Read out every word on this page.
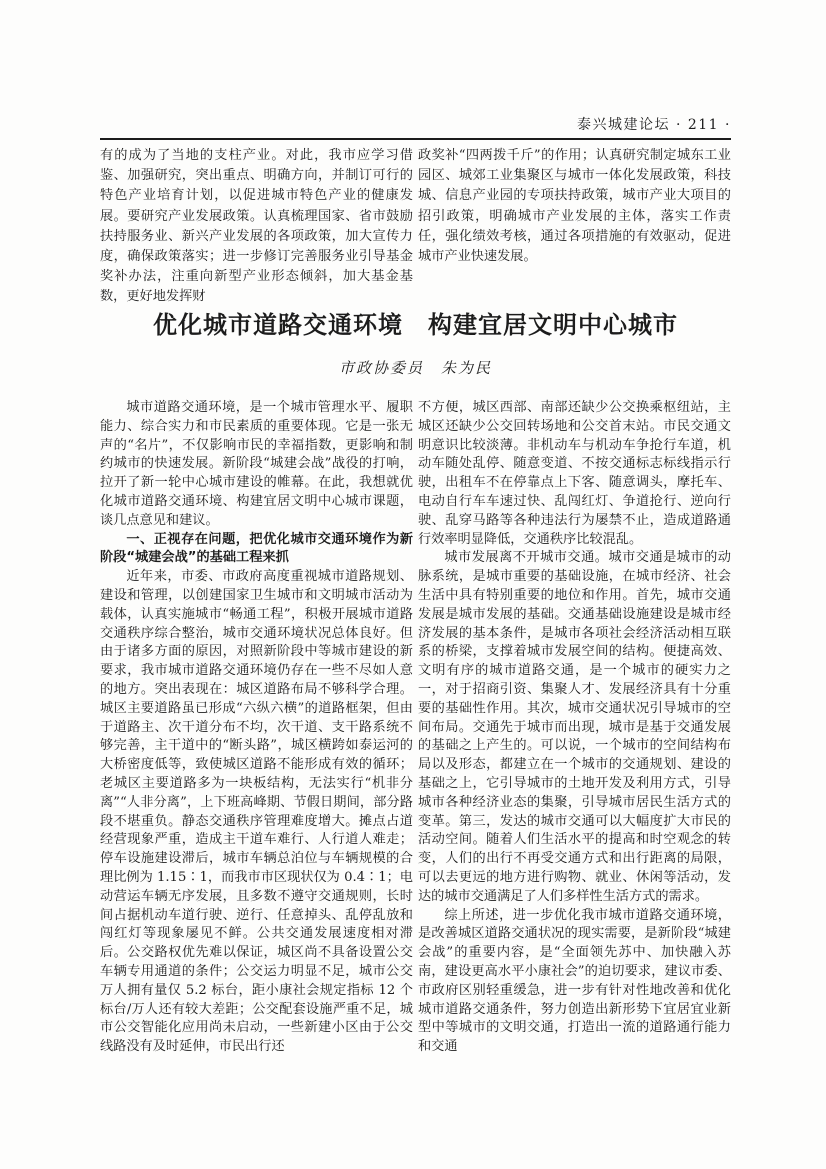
泰兴城建论坛 · 211 ·

有的成为了当地的支柱产业。对此，我市应学习借鉴、加强研究，突出重点、明确方向，并制订可行的特色产业培育计划，以促进城市特色产业的健康发展。要研究产业发展政策。认真梳理国家、省市鼓励扶持服务业、新兴产业发展的各项政策，加大宣传力度，确保政策落实；进一步修订完善服务业引导基金奖补办法，注重向新型产业形态倾斜，加大基金基数，更好地发挥财

政奖补“四两拨千斤”的作用；认真研究制定城东工业园区、城郊工业集聚区与城市一体化发展政策，科技城、信息产业园的专项扶持政策，城市产业大项目的招引政策，明确城市产业发展的主体，落实工作责任，强化绩效考核，通过各项措施的有效驱动，促进城市产业快速发展。

优化城市道路交通环境　构建宜居文明中心城市
市政协委员　朱为民

城市道路交通环境，是一个城市管理水平、履职能力、综合实力和市民素质的重要体现。它是一张无声的“名片”，不仅影响市民的幸福指数，更影响和制约城市的快速发展。新阶段“城建会战”战役的打响，拉开了新一轮中心城市建设的帷幕。在此，我想就优化城市道路交通环境、构建宜居文明中心城市课题，谈几点意见和建议。

一、正视存在问题，把优化城市交通环境作为新阶段“城建会战”的基础工程来抓

近年来，市委、市政府高度重视城市道路规划、建设和管理，以创建国家卫生城市和文明城市活动为载体，认真实施城市“畅通工程”，积极开展城市道路交通秩序综合整治，城市交通环境状况总体良好。但由于诸多方面的原因，对照新阶段中等城市建设的新要求，我市城市道路交通环境仍存在一些不尽如人意的地方。突出表现在：城区道路布局不够科学合理。城区主要道路虽已形成“六纵六横”的道路框架，但由于道路主、次干道分布不均，次干道、支干路系统不够完善，主干道中的“断头路”，城区横跨如泰运河的大桥密度低等，致使城区道路不能形成有效的循环；老城区主要道路多为一块板结构，无法实行“机非分离”“人非分离”，上下班高峰期、节假日期间，部分路段不堪重负。静态交通秩序管理难度增大。摊点占道经营现象严重，造成主干道车难行、人行道人难走；停车设施建设滞后，城市车辆总泊位与车辆规模的合理比例为 1.15∶1，而我市市区现状仅为 0.4∶1；电动营运车辆无序发展，且多数不遵守交通规则，长时间占据机动车道行驶、逆行、任意掉头、乱停乱放和闯红灯等现象屡见不鲜。公共交通发展速度相对滞后。公交路权优先难以保证，城区尚不具备设置公交车辆专用通道的条件；公交运力明显不足，城市公交万人拥有量仅 5.2 标台，距小康社会规定指标 12 个标台/万人还有较大差距；公交配套设施严重不足，城市公交智能化应用尚未启动，一些新建小区由于公交线路没有及时延伸，市民出行还

不方便，城区西部、南部还缺少公交换乘枢纽站，主城区还缺少公交回转场地和公交首末站。市民交通文明意识比较淡薄。非机动车与机动车争抢行车道，机动车随处乱停、随意变道、不按交通标志标线指示行驶，出租车不在停靠点上下客、随意调头，摩托车、电动自行车车速过快、乱闯红灯、争道抢行、逆向行驶、乱穿马路等各种违法行为屡禁不止，造成道路通行效率明显降低，交通秩序比较混乱。

城市发展离不开城市交通。城市交通是城市的动脉系统，是城市重要的基础设施，在城市经济、社会生活中具有特别重要的地位和作用。首先，城市交通发展是城市发展的基础。交通基础设施建设是城市经济发展的基本条件，是城市各项社会经济活动相互联系的桥梁，支撑着城市发展空间的结构。便捷高效、文明有序的城市道路交通，是一个城市的硬实力之一，对于招商引资、集聚人才、发展经济具有十分重要的基础性作用。其次，城市交通状况引导城市的空间布局。交通先于城市而出现，城市是基于交通发展的基础之上产生的。可以说，一个城市的空间结构布局以及形态，都建立在一个城市的交通规划、建设的基础之上，它引导城市的土地开发及利用方式，引导城市各种经济业态的集聚，引导城市居民生活方式的变革。第三，发达的城市交通可以大幅度扩大市民的活动空间。随着人们生活水平的提高和时空观念的转变，人们的出行不再受交通方式和出行距离的局限，可以去更远的地方进行购物、就业、休闲等活动，发达的城市交通满足了人们多样性生活方式的需求。

综上所述，进一步优化我市城市道路交通环境，是改善城区道路交通状况的现实需要，是新阶段“城建会战”的重要内容，是“全面领先苏中、加快融入苏南，建设更高水平小康社会”的迫切要求，建议市委、市政府区别轻重缓急，进一步有针对性地改善和优化城市道路交通条件，努力创造出新形势下宜居宜业新型中等城市的文明交通，打造出一流的道路通行能力和交通
